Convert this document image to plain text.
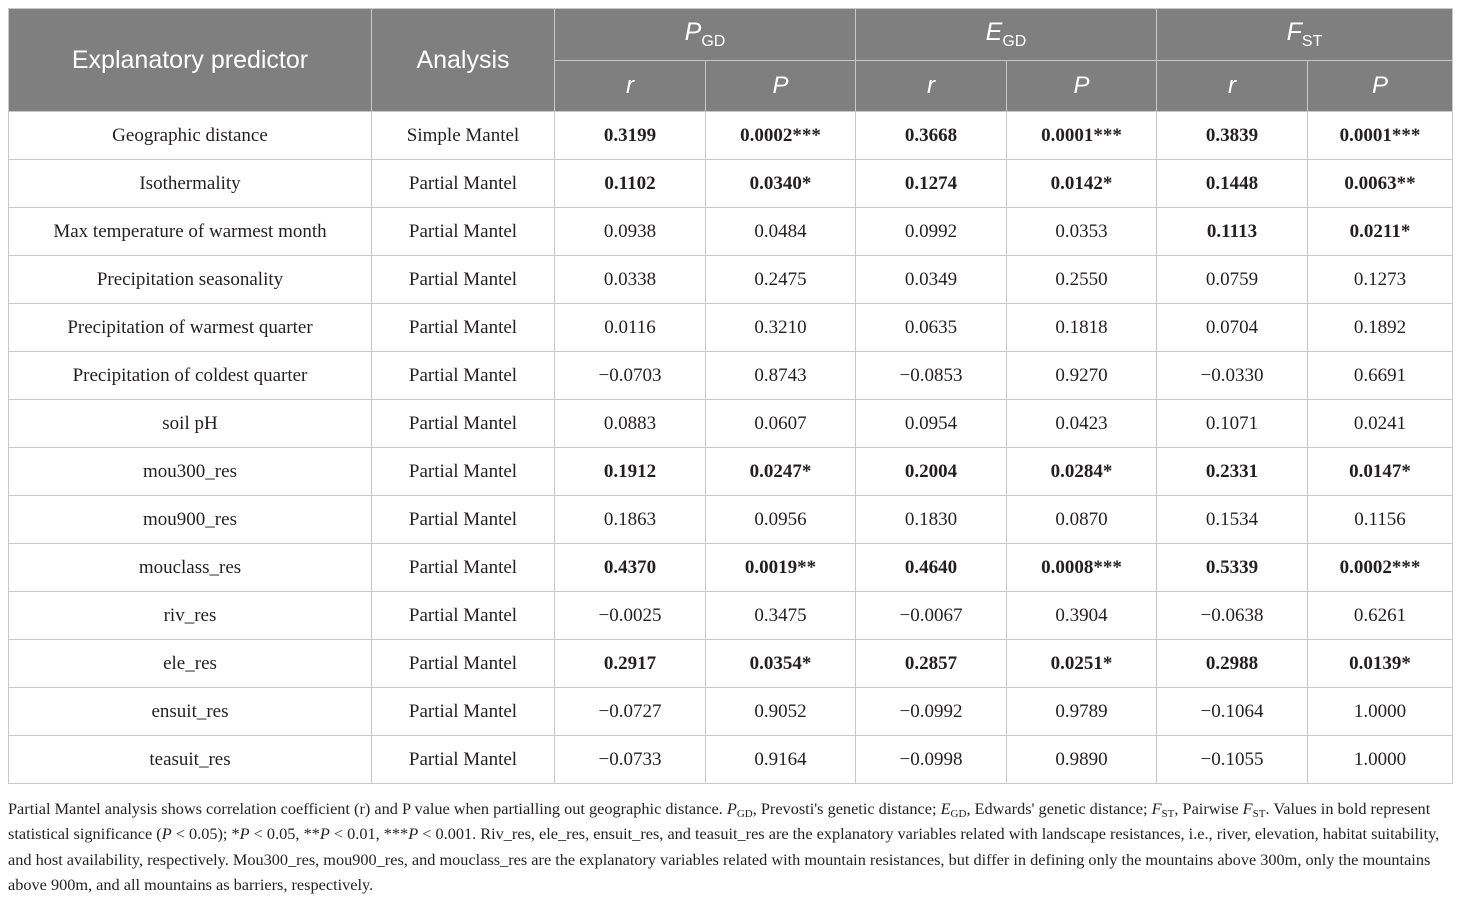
Explanatory predictor	Analysis	$P_{GD}$		$E_{GD}$		$F_{ST}$
		r	P	r	P	r	P
Geographic distance	Simple Mantel	0.3199	0.0002***	0.3668	0.0001***	0.3839	0.0001***
Isothermality	Partial Mantel	0.1102	0.0340*	0.1274	0.0142*	0.1448	0.0063**
Max temperature of warmest month	Partial Mantel	0.0938	0.0484	0.0992	0.0353	0.1113	0.0211*
Precipitation seasonality	Partial Mantel	0.0338	0.2475	0.0349	0.2550	0.0759	0.1273
Precipitation of warmest quarter	Partial Mantel	0.0116	0.3210	0.0635	0.1818	0.0704	0.1892
Precipitation of coldest quarter	Partial Mantel	−0.0703	0.8743	−0.0853	0.9270	−0.0330	0.6691
soil pH	Partial Mantel	0.0883	0.0607	0.0954	0.0423	0.1071	0.0241
mou300_res	Partial Mantel	0.1912	0.0247*	0.2004	0.0284*	0.2331	0.0147*
mou900_res	Partial Mantel	0.1863	0.0956	0.1830	0.0870	0.1534	0.1156
mouclass_res	Partial Mantel	0.4370	0.0019**	0.4640	0.0008***	0.5339	0.0002***
riv_res	Partial Mantel	−0.0025	0.3475	−0.0067	0.3904	−0.0638	0.6261
ele_res	Partial Mantel	0.2917	0.0354*	0.2857	0.0251*	0.2988	0.0139*
ensuit_res	Partial Mantel	−0.0727	0.9052	−0.0992	0.9789	−0.1064	1.0000
teasuit_res	Partial Mantel	−0.0733	0.9164	−0.0998	0.9890	−0.1055	1.0000
Partial Mantel analysis shows correlation coefficient (r) and P value when partialling out geographic distance. $P_{GD}$, Prevosti's genetic distance; $E_{GD}$, Edwards' genetic distance; $F_{ST}$, Pairwise $F_{ST}$. Values in bold represent statistical significance (P < 0.05); *P < 0.05, **P < 0.01, ***P < 0.001. Riv_res, ele_res, ensuit_res, and teasuit_res are the explanatory variables related with landscape resistances, i.e., river, elevation, habitat suitability, and host availability, respectively. Mou300_res, mou900_res, and mouclass_res are the explanatory variables related with mountain resistances, but differ in defining only the mountains above 300m, only the mountains above 900m, and all mountains as barriers, respectively.
